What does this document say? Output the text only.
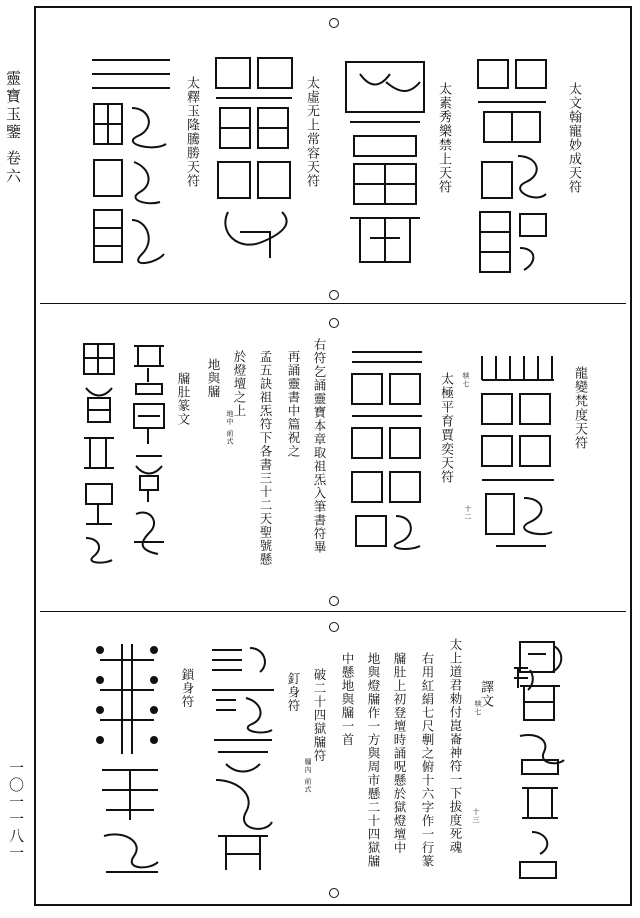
靈寶玉鑒 卷六
一〇一一八一
太文翰寵妙成天符
太素秀樂禁上天符
太虛无上常容天符
太釋玉隆騰勝天符
龍變梵度天符
太極平育賈奕天符	犊七
十二
右符乞誦靈寶本章取祖炁入筆書符畢
再誦靈書中篇祝之
孟五訣祖炁符下各書三十二天聖號懸
於燈壇之上
地與牖
地中 前式
牖肚篆文
太上道君勑付崑崙神符一下拔度死魂 譯文
犊七
十三
右用紅絹七尺剸之俯十六字作一行篆
牖肚上初登壇時誦呪懸於獄燈壇中
地與燈牖作一方與周市懸二十四獄牖
中懸地與牖一首
破二十四獄牖符
牖內 前式
釘身符
鎖身符
